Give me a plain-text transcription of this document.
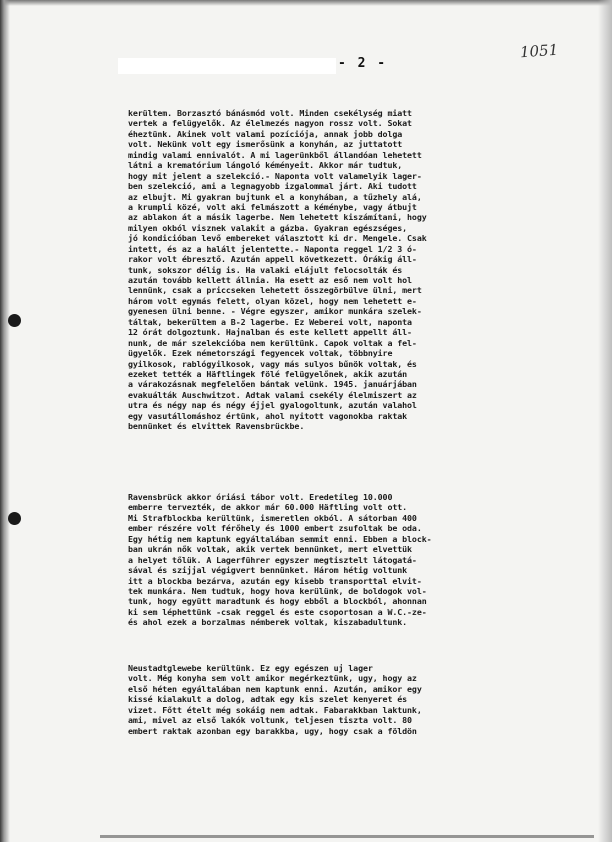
- 2 -
1051
kerültem. Borzasztó bánásmód volt. Minden csekélység miatt
vertek a felügyelők. Az élelmezés nagyon rossz volt. Sokat
éheztünk. Akinek volt valami pozíciója, annak jobb dolga
volt. Nekünk volt egy ismerősünk a konyhán, az juttatott
mindig valami ennivalót. A mi lagerünkből állandóan lehetett
látni a krematórium lángoló kéményeit. Akkor már tudtuk,
hogy mit jelent a szelekció.- Naponta volt valamelyik lager-
ben szelekció, ami a legnagyobb izgalommal járt. Aki tudott
az elbujt. Mi gyakran bujtunk el a konyhában, a tűzhely alá,
a krumpli közé, volt aki felmászott a kéménybe, vagy átbujt
az ablakon át a másik lagerbe. Nem lehetett kiszámítani, hogy
milyen okból visznek valakit a gázba. Gyakran egészséges,
jó kondicióban levő embereket választott ki dr. Mengele. Csak
intett, és az a halált jelentette.- Naponta reggel 1/2 3 ó-
rakor volt ébresztő. Azután appell következett. Órákig áll-
tunk, sokszor délig is. Ha valaki elájult felocsolták és
azután tovább kellett állnia. Ha esett az eső nem volt hol
lennünk, csak a priccseken lehetett összegörbülve ülni, mert
három volt egymás felett, olyan közel, hogy nem lehetett e-
gyenesen ülni benne. - Végre egyszer, amikor munkára szelek-
táltak, bekerültem a B-2 lagerbe. Ez Weberei volt, naponta
12 órát dolgoztunk. Hajnalban és este kellett appellt áll-
nunk, de már szelekcióba nem kerültünk. Capok voltak a fel-
ügyelők. Ezek németországi fegyencek voltak, többnyire
gyilkosok, rablógyilkosok, vagy más sulyos bűnök voltak, és
ezeket tették a Häftlingek fölé felügyelőnek, akik azután
a várakozásnak megfelelően bántak velünk. 1945. januárjában
evakuálták Auschwitzot. Adtak valami csekély élelmiszert az
utra és négy nap és négy éjjel gyalogoltunk, azután valahol
egy vasutállomáshoz értünk, ahol nyitott vagonokba raktak
bennünket és elvittek Ravensbrückbe.
Ravensbrück akkor óriási tábor volt. Eredetileg 10.000
emberre tervezték, de akkor már 60.000 Häftling volt ott.
Mi Strafblockba kerültünk, ismeretlen okból. A sátorban 400
ember részére volt férőhely és 1000 embert zsufoltak be oda.
Egy hétig nem kaptunk egyáltalában semmit enni. Ebben a block-
ban ukrán nők voltak, akik vertek bennünket, mert elvettük
a helyet tőlük. A Lagerführer egyszer megtisztelt látogatá-
sával és szijjal végigvert bennünket. Három hétig voltunk
itt a blockba bezárva, azután egy kisebb transporttal elvit-
tek munkára. Nem tudtuk, hogy hova kerülünk, de boldogok vol-
tunk, hogy együtt maradtunk és hogy ebből a blockból, ahonnan
ki sem léphettünk -csak reggel és este csoportosan a W.C.-ze-
és ahol ezek a borzalmas némberek voltak, kiszabadultunk.
Neustadtglewebe kerültünk. Ez egy egészen uj lager
volt. Még konyha sem volt amikor megérkeztünk, ugy, hogy az
első héten egyáltalában nem kaptunk enni. Azután, amikor egy
kissé kialakult a dolog, adtak egy kis szelet kenyeret és
vizet. Főtt ételt még sokáig nem adtak. Fabarakkban laktunk,
ami, mivel az első lakók voltunk, teljesen tiszta volt. 80
embert raktak azonban egy barakkba, ugy, hogy csak a földön
